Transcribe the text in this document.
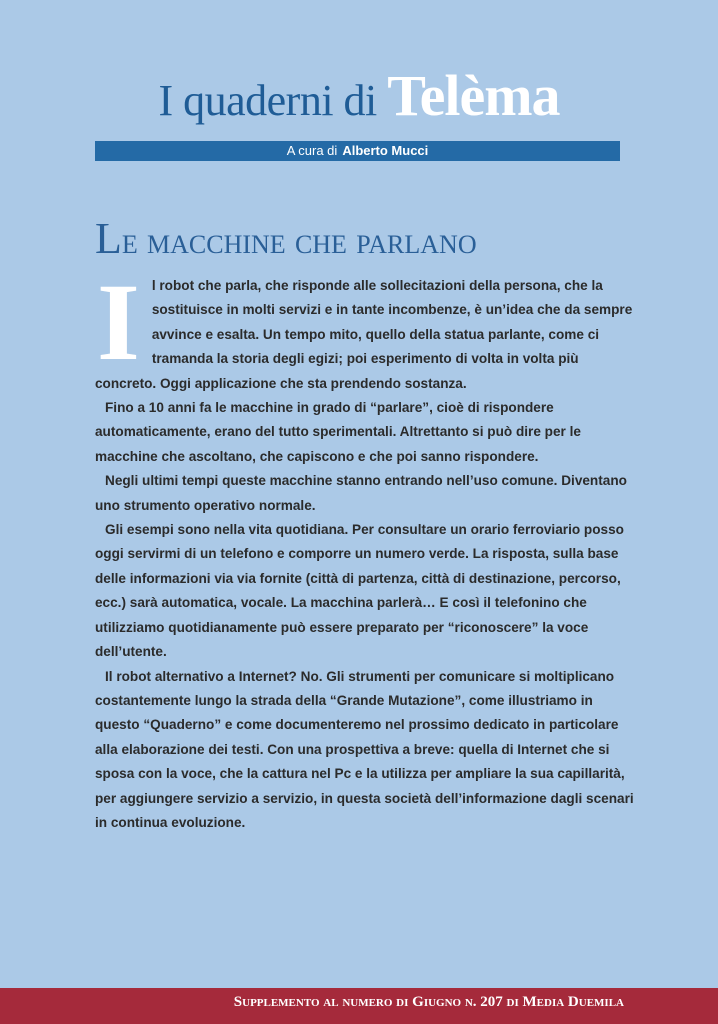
I quaderni di Telèma
A cura di Alberto Mucci
Le macchine che parlano

Il robot che parla, che risponde alle sollecitazioni della persona, che la sostituisce in molti servizi e in tante incombenze, è un’idea che da sempre avvince e esalta. Un tempo mito, quello della statua parlante, come ci tramanda la storia degli egizi; poi esperimento di volta in volta più concreto. Oggi applicazione che sta prendendo sostanza.

Fino a 10 anni fa le macchine in grado di “parlare”, cioè di rispondere automaticamente, erano del tutto sperimentali. Altrettanto si può dire per le macchine che ascoltano, che capiscono e che poi sanno rispondere.

Negli ultimi tempi queste macchine stanno entrando nell’uso comune. Diventano uno strumento operativo normale.

Gli esempi sono nella vita quotidiana. Per consultare un orario ferroviario posso oggi servirmi di un telefono e comporre un numero verde. La risposta, sulla base delle informazioni via via fornite (città di partenza, città di destinazione, percorso, ecc.) sarà automatica, vocale. La macchina parlerà… E così il telefonino che utilizziamo quotidianamente può essere preparato per “riconoscere” la voce dell’utente.

Il robot alternativo a Internet? No. Gli strumenti per comunicare si moltiplicano costantemente lungo la strada della “Grande Mutazione”, come illustriamo in questo “Quaderno” e come documenteremo nel prossimo dedicato in particolare alla elaborazione dei testi. Con una prospettiva a breve: quella di Internet che si sposa con la voce, che la cattura nel Pc e la utilizza per ampliare la sua capillarità, per aggiungere servizio a servizio, in questa società dell’informazione dagli scenari in continua evoluzione.

Supplemento al numero di Giugno n. 207 di Media Duemila
